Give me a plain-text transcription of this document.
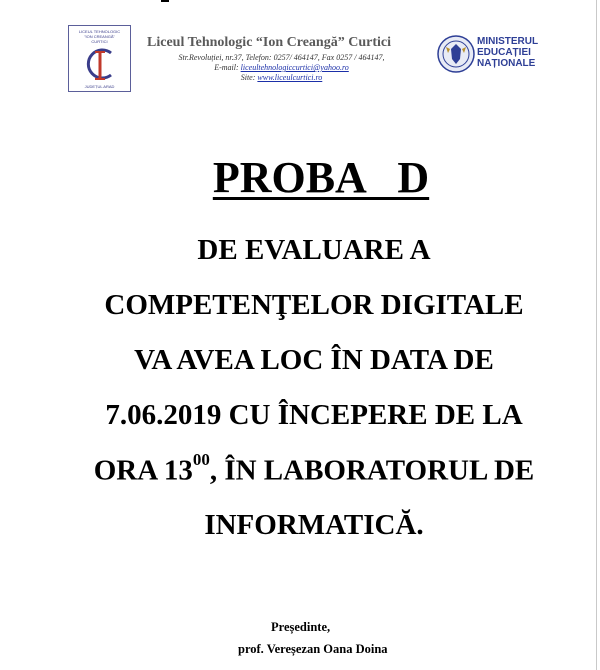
LICEUL TEHNOLOGIC
"ION CREANGĂ"
CURTICI
JUDEȚUL ARAD
Liceul Tehnologic “Ion Creangă” Curtici
Str.Revoluției, nr.37, Telefon: 0257/ 464147, Fax 0257 / 464147,
E-mail: liceultehnologiccurtici@yahoo.ro
Site: www.liceulcurtici.ro
MINISTERUL
EDUCAȚIEI
NAȚIONALE
PROBA   D
DE EVALUARE A
COMPETENŢELOR DIGITALE
VA AVEA LOC ÎN DATA DE
7.06.2019 CU ÎNCEPERE DE LA
ORA $13^{00}$, ÎN LABORATORUL DE
INFORMATICĂ.
Președinte,
prof. Vereșezan Oana Doina
